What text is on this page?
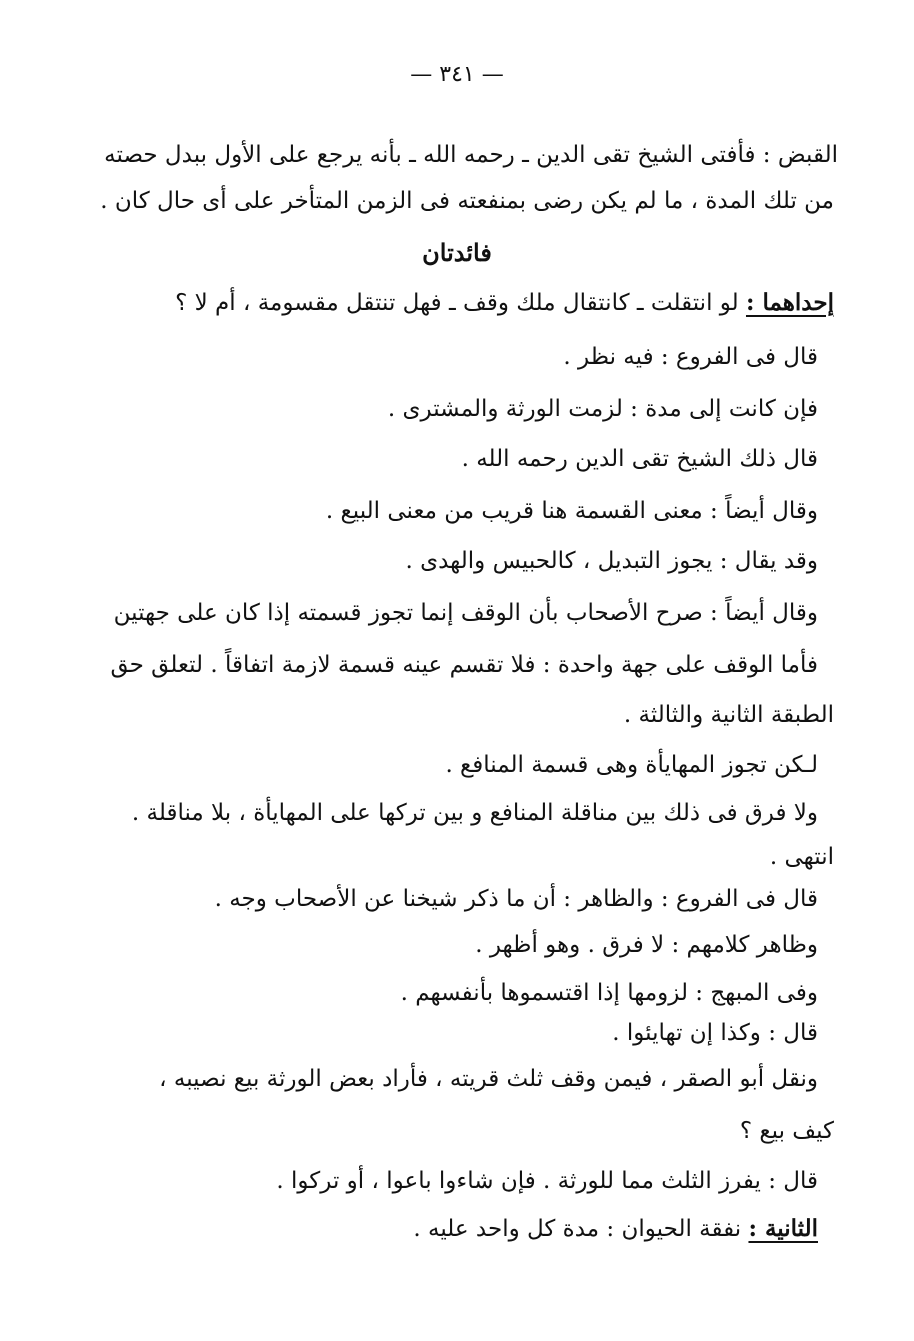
— ٣٤١ —
القبض : فأفتى الشيخ تقى الدين ـ رحمه الله ـ بأنه يرجع على الأول ببدل حصته
من تلك المدة ، ما لم يكن رضى بمنفعته فى الزمن المتأخر على أى حال كان .
فائدتان
إحداهما : لو انتقلت ـ كانتقال ملك وقف ـ فهل تنتقل مقسومة ، أم لا ؟
قال فى الفروع : فيه نظر .
فإن كانت إلى مدة : لزمت الورثة والمشترى .
قال ذلك الشيخ تقى الدين رحمه الله .
وقال أيضاً : معنى القسمة هنا قريب من معنى البيع .
وقد يقال : يجوز التبديل ، كالحبيس والهدى .
وقال أيضاً : صرح الأصحاب بأن الوقف إنما تجوز قسمته إذا كان على جهتين
فأما الوقف على جهة واحدة : فلا تقسم عينه قسمة لازمة اتفاقاً . لتعلق حق
الطبقة الثانية والثالثة .
لـكن تجوز المهايأة وهى قسمة المنافع .
ولا فرق فى ذلك بين مناقلة المنافع و بين تركها على المهايأة ، بلا مناقلة .
انتهى .
قال فى الفروع : والظاهر : أن ما ذكر شيخنا عن الأصحاب وجه .
وظاهر كلامهم : لا فرق . وهو أظهر .
وفى المبهج : لزومها إذا اقتسموها بأنفسهم .
قال : وكذا إن تهايئوا .
ونقل أبو الصقر ، فيمن وقف ثلث قريته ، فأراد بعض الورثة بيع نصيبه ،
كيف بيع ؟
قال : يفرز الثلث مما للورثة . فإن شاءوا باعوا ، أو تركوا .
الثانية : نفقة الحيوان : مدة كل واحد عليه .
